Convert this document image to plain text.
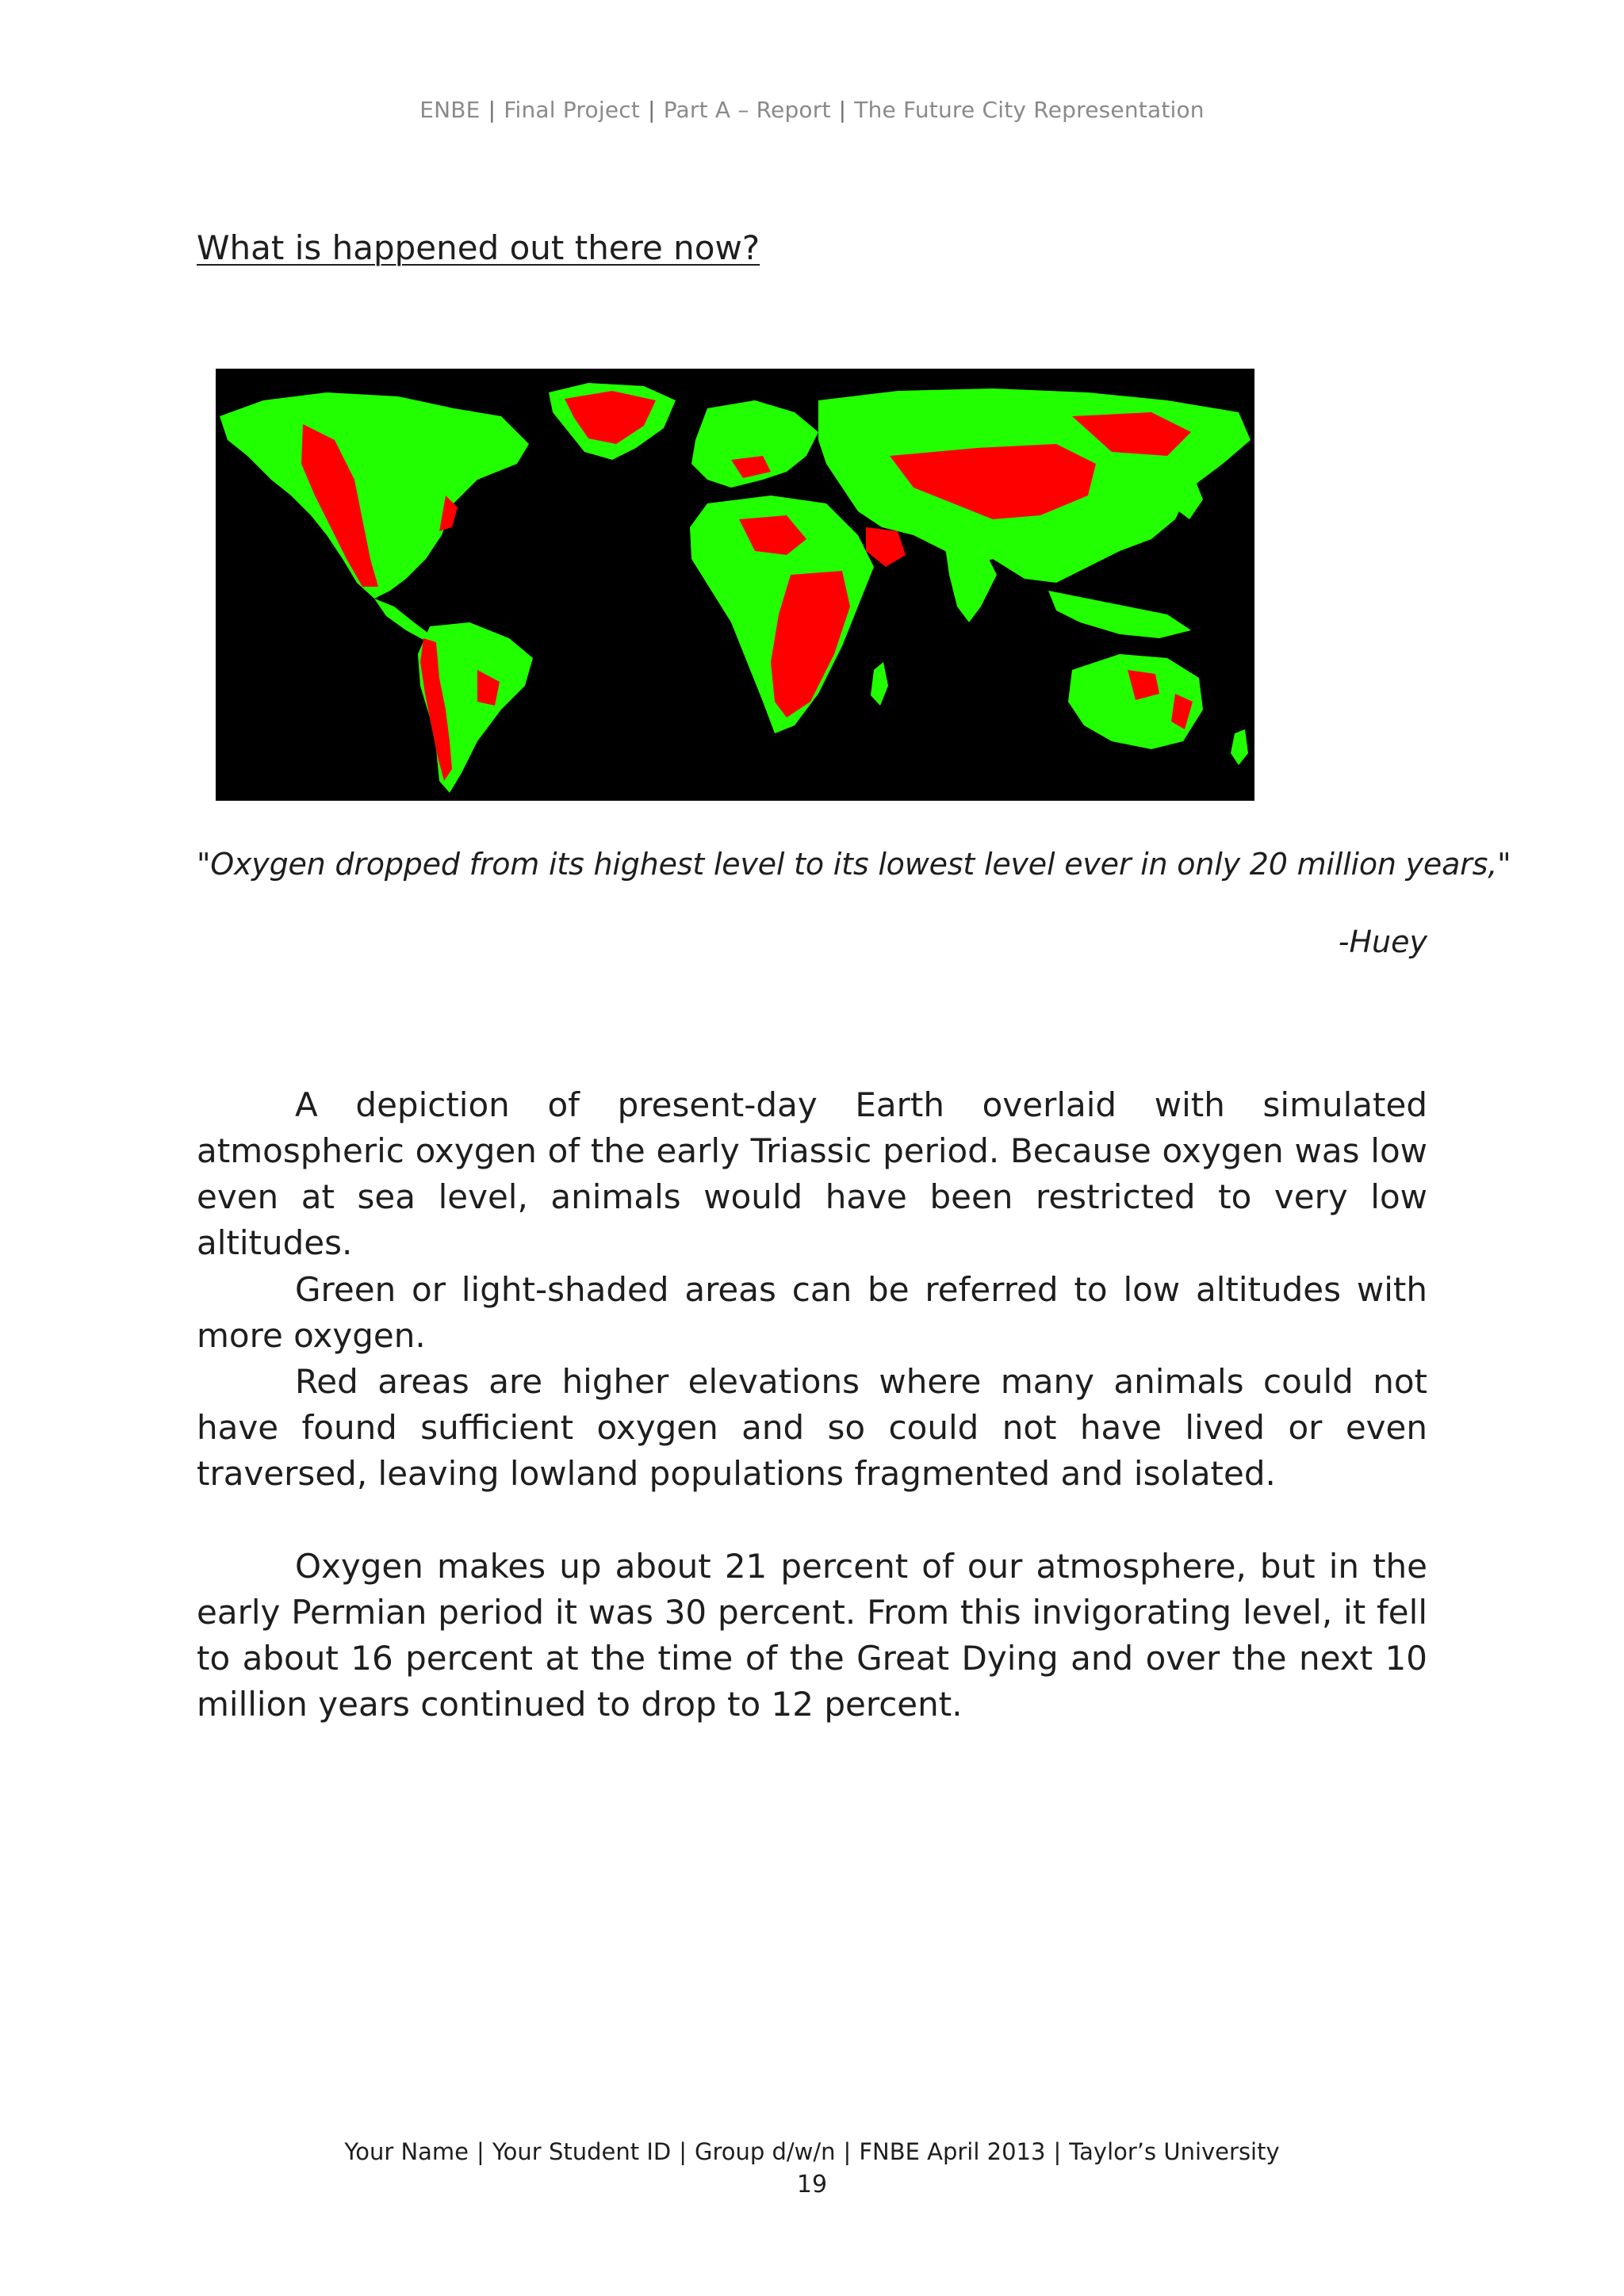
ENBE | Final Project | Part A – Report | The Future City Representation
What is happened out there now?
"Oxygen dropped from its highest level to its lowest level ever in only 20 million years,"
-Huey

A depiction of present-day Earth overlaid with simulated atmospheric oxygen of the early Triassic period. Because oxygen was low even at sea level, animals would have been restricted to very low altitudes.

Green or light-shaded areas can be referred to low altitudes with more oxygen.

Red areas are higher elevations where many animals could not have found sufficient oxygen and so could not have lived or even traversed, leaving lowland populations fragmented and isolated.

Oxygen makes up about 21 percent of our atmosphere, but in the early Permian period it was 30 percent. From this invigorating level, it fell to about 16 percent at the time of the Great Dying and over the next 10 million years continued to drop to 12 percent.

Your Name | Your Student ID | Group d/w/n | FNBE April 2013 | Taylor’s University
19
